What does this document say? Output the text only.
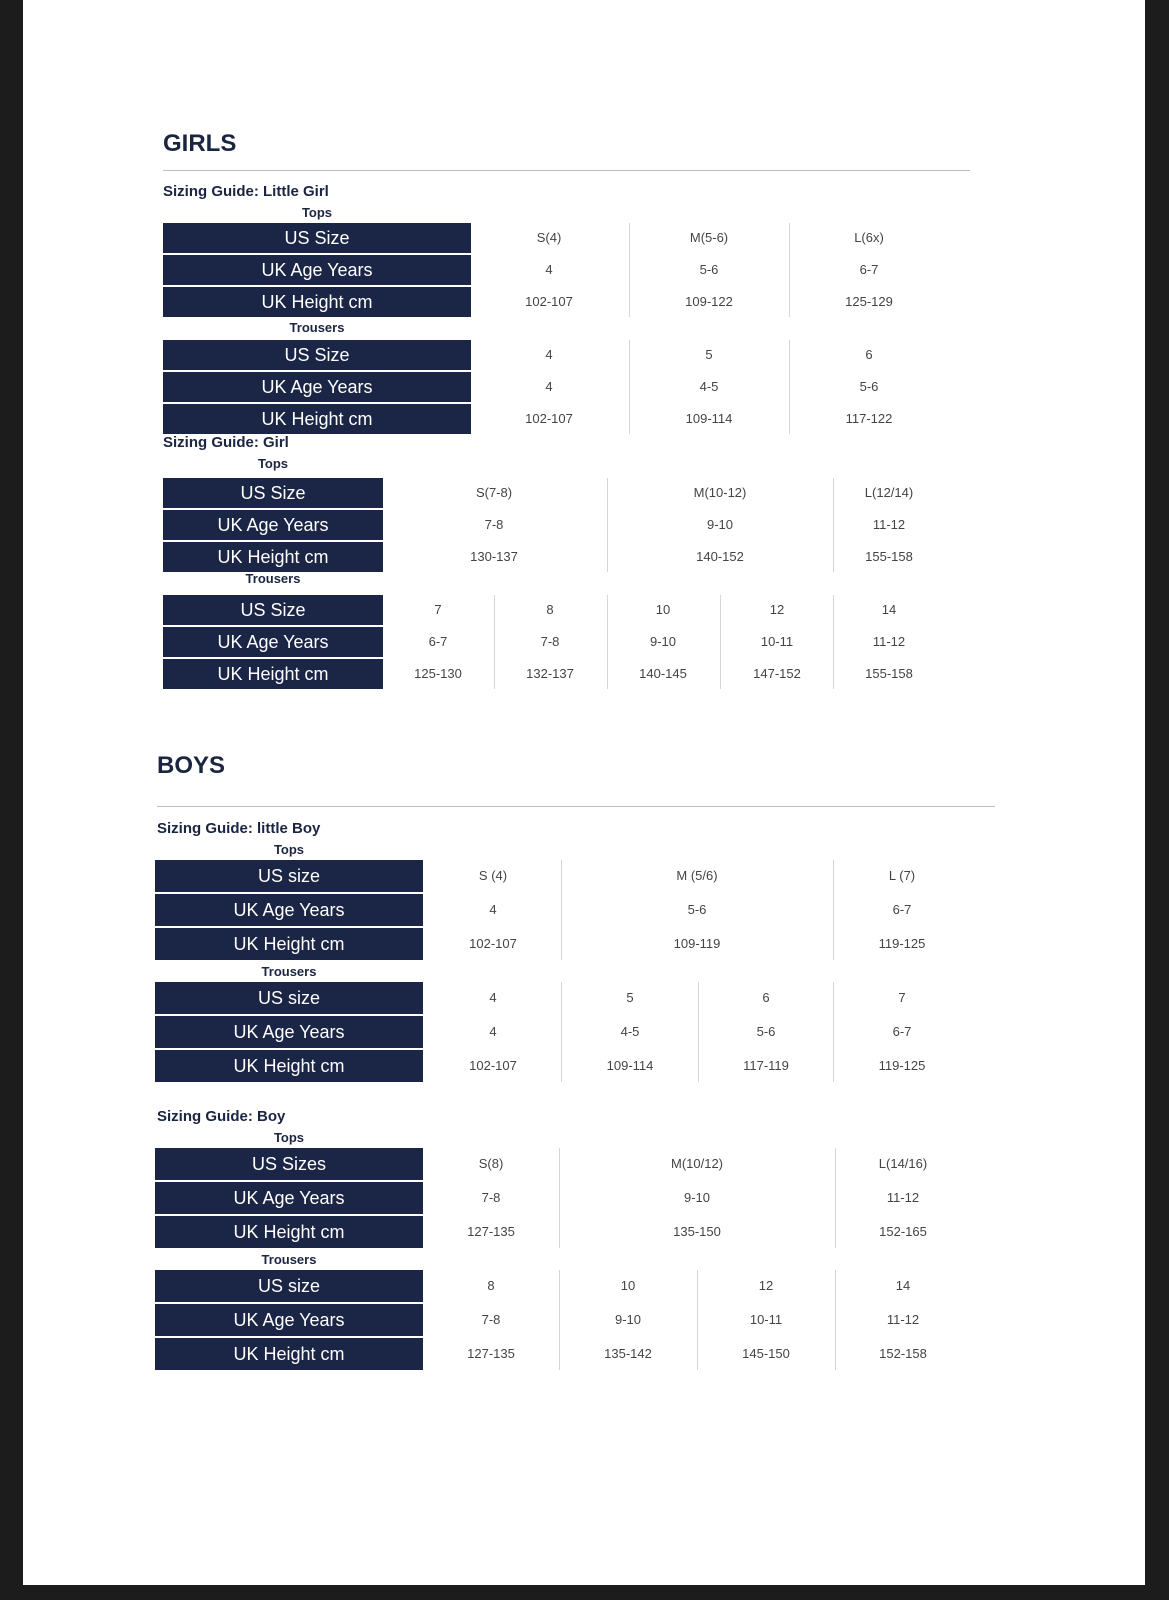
GIRLS
Sizing Guide: Little Girl
Tops
US Size	S(4)	M(5-6)	L(6x)
UK Age Years	4	5-6	6-7
UK Height cm	102-107	109-122	125-129
Trousers
US Size	4	5	6
UK Age Years	4	4-5	5-6
UK Height cm	102-107	109-114	117-122
Sizing Guide: Girl
Tops
US Size	S(7-8)	M(10-12)	L(12/14)
UK Age Years	7-8	9-10	11-12
UK Height cm	130-137	140-152	155-158
Trousers
US Size	7	8	10	12	14
UK Age Years	6-7	7-8	9-10	10-11	11-12
UK Height cm	125-130	132-137	140-145	147-152	155-158
BOYS
Sizing Guide: little Boy
Tops
US size	S (4)	M (5/6)	L (7)
UK Age Years	4	5-6	6-7
UK Height cm	102-107	109-119	119-125
Trousers
US size	4	5	6	7
UK Age Years	4	4-5	5-6	6-7
UK Height cm	102-107	109-114	117-119	119-125
Sizing Guide: Boy
Tops
US Sizes	S(8)	M(10/12)	L(14/16)
UK Age Years	7-8	9-10	11-12
UK Height cm	127-135	135-150	152-165
Trousers
US size	8	10	12	14
UK Age Years	7-8	9-10	10-11	11-12
UK Height cm	127-135	135-142	145-150	152-158
